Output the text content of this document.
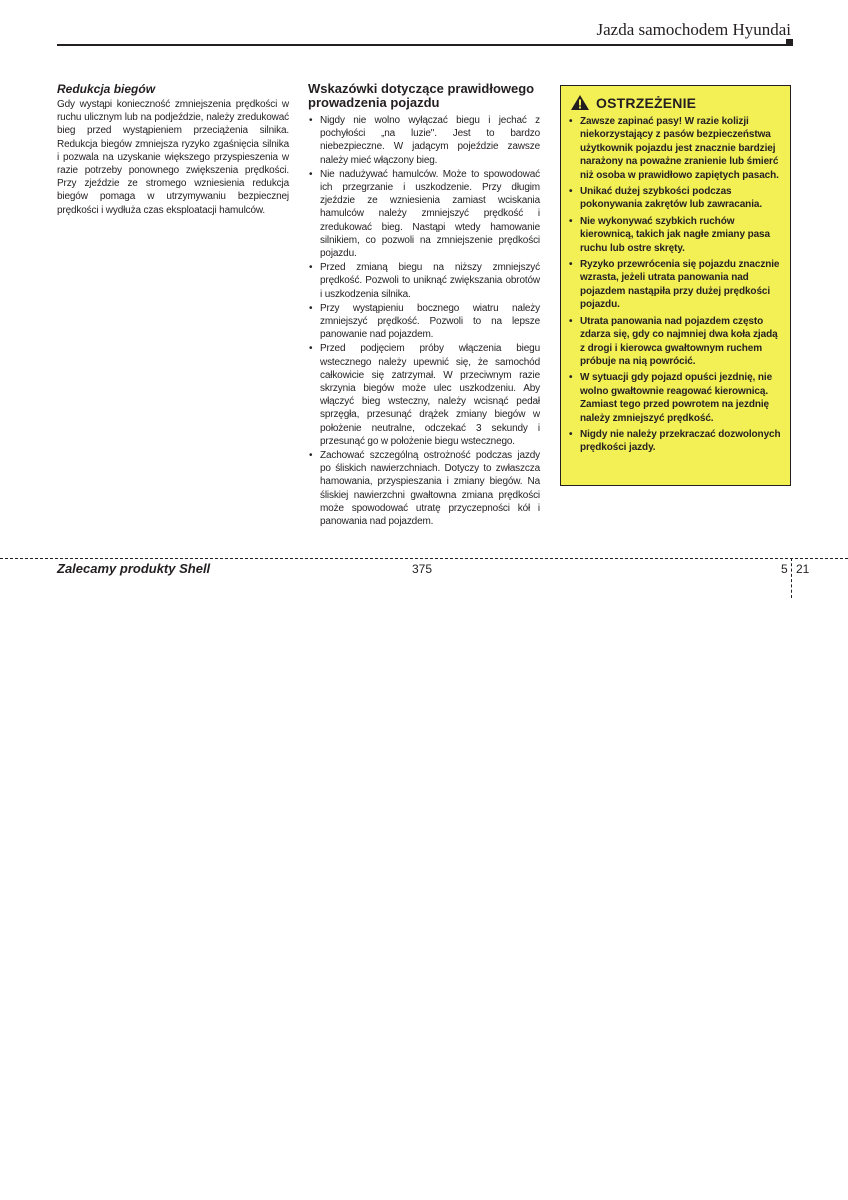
Jazda samochodem Hyundai
Redukcja biegów

Gdy wystąpi konieczność zmniejszenia prędkości w ruchu ulicznym lub na podjeździe, należy zredukować bieg przed wystąpieniem przeciążenia silnika. Redukcja biegów zmniejsza ryzyko zgaśnięcia silnika i pozwala na uzyskanie większego przyspieszenia w razie potrzeby ponownego zwiększenia prędkości. Przy zjeździe ze stromego wzniesienia redukcja biegów pomaga w utrzymywaniu bezpiecznej prędkości i wydłuża czas eksploatacji hamulców.

Wskazówki dotyczące prawidłowego prowadzenia pojazdu
• Nigdy nie wolno wyłączać biegu i jechać z pochyłości „na luzie". Jest to bardzo niebezpieczne. W jadącym pojeździe zawsze należy mieć włączony bieg.
• Nie nadużywać hamulców. Może to spowodować ich przegrzanie i uszkodzenie. Przy długim zjeździe ze wzniesienia zamiast wciskania hamulców należy zmniejszyć prędkość i zredukować bieg. Nastąpi wtedy hamowanie silnikiem, co pozwoli na zmniejszenie prędkości pojazdu.
• Przed zmianą biegu na niższy zmniejszyć prędkość. Pozwoli to uniknąć zwiększania obrotów i uszkodzenia silnika.
• Przy wystąpieniu bocznego wiatru należy zmniejszyć prędkość. Pozwoli to na lepsze panowanie nad pojazdem.
• Przed podjęciem próby włączenia biegu wstecznego należy upewnić się, że samochód całkowicie się zatrzymał. W przeciwnym razie skrzynia biegów może ulec uszkodzeniu. Aby włączyć bieg wsteczny, należy wcisnąć pedał sprzęgła, przesunąć drążek zmiany biegów w położenie neutralne, odczekać 3 sekundy i przesunąć go w położenie biegu wstecznego.
• Zachować szczególną ostrożność podczas jazdy po śliskich nawierzchniach. Dotyczy to zwłaszcza hamowania, przyspieszania i zmiany biegów. Na śliskiej nawierzchni gwałtowna zmiana prędkości może spowodować utratę przyczepności kół i panowania nad pojazdem.
OSTRZEŻENIE
• Zawsze zapinać pasy! W razie kolizji niekorzystający z pasów bezpieczeństwa użytkownik pojazdu jest znacznie bardziej narażony na poważne zranienie lub śmierć niż osoba w prawidłowo zapiętych pasach.
• Unikać dużej szybkości podczas pokonywania zakrętów lub zawracania.
• Nie wykonywać szybkich ruchów kierownicą, takich jak nagłe zmiany pasa ruchu lub ostre skręty.
• Ryzyko przewrócenia się pojazdu znacznie wzrasta, jeżeli utrata panowania nad pojazdem nastąpiła przy dużej prędkości pojazdu.
• Utrata panowania nad pojazdem często zdarza się, gdy co najmniej dwa koła zjadą z drogi i kierowca gwałtownym ruchem próbuje na nią powrócić.
• W sytuacji gdy pojazd opuści jezdnię, nie wolno gwałtownie reagować kierownicą. Zamiast tego przed powrotem na jezdnię należy zmniejszyć prędkość.
• Nigdy nie należy przekraczać dozwolonych prędkości jazdy.
Zalecamy produkty Shell	375	5 21
